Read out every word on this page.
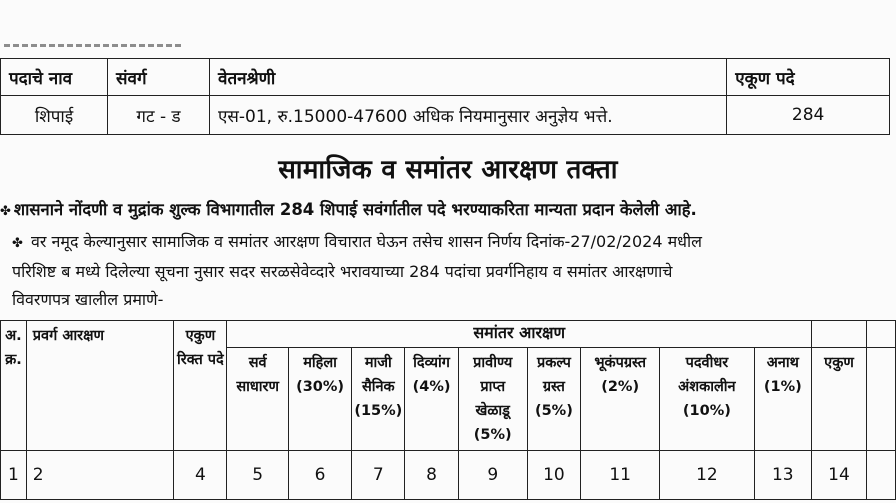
पदाचे नाव	संवर्ग	वेतनश्रेणी	एकूण पदे
शिपाई	गट - ड	एस-01, रु.15000-47600 अधिक नियमानुसार अनुज्ञेय भत्ते.	284
सामाजिक व समांतर आरक्षण तक्ता
✤ शासनाने नोंदणी व मुद्रांक शुल्क विभागातील 284 शिपाई सवंर्गातील पदे भरण्याकरिता मान्यता प्रदान केलेली आहे.
✤ वर नमूद केल्यानुसार सामाजिक व समांतर आरक्षण विचारात घेऊन तसेच शासन निर्णय दिनांक-27/02/2024 मधील
परिशिष्ट ब मध्ये दिलेल्या सूचना नुसार सदर सरळसेवेव्दारे भरावयाच्या 284 पदांचा प्रवर्गनिहाय व समांतर आरक्षणाचे
विवरणपत्र खालील प्रमाणे-
अ. क्र.	प्रवर्ग आरक्षण	एकुण रिक्त पदे	समांतर आरक्षण										
			सर्व साधारण	महिला (30%)	माजी सैनिक (15%)	दिव्यांग (4%)	प्रावीण्य प्राप्त खेळाडू (5%)	प्रकल्प ग्रस्त (5%)	भूकंपग्रस्त (2%)	पदवीधर अंशकालीन (10%)	अनाथ (1%)	एकुण	
1	2	4	5	6	7	8	9	10	11	12	13	14	
